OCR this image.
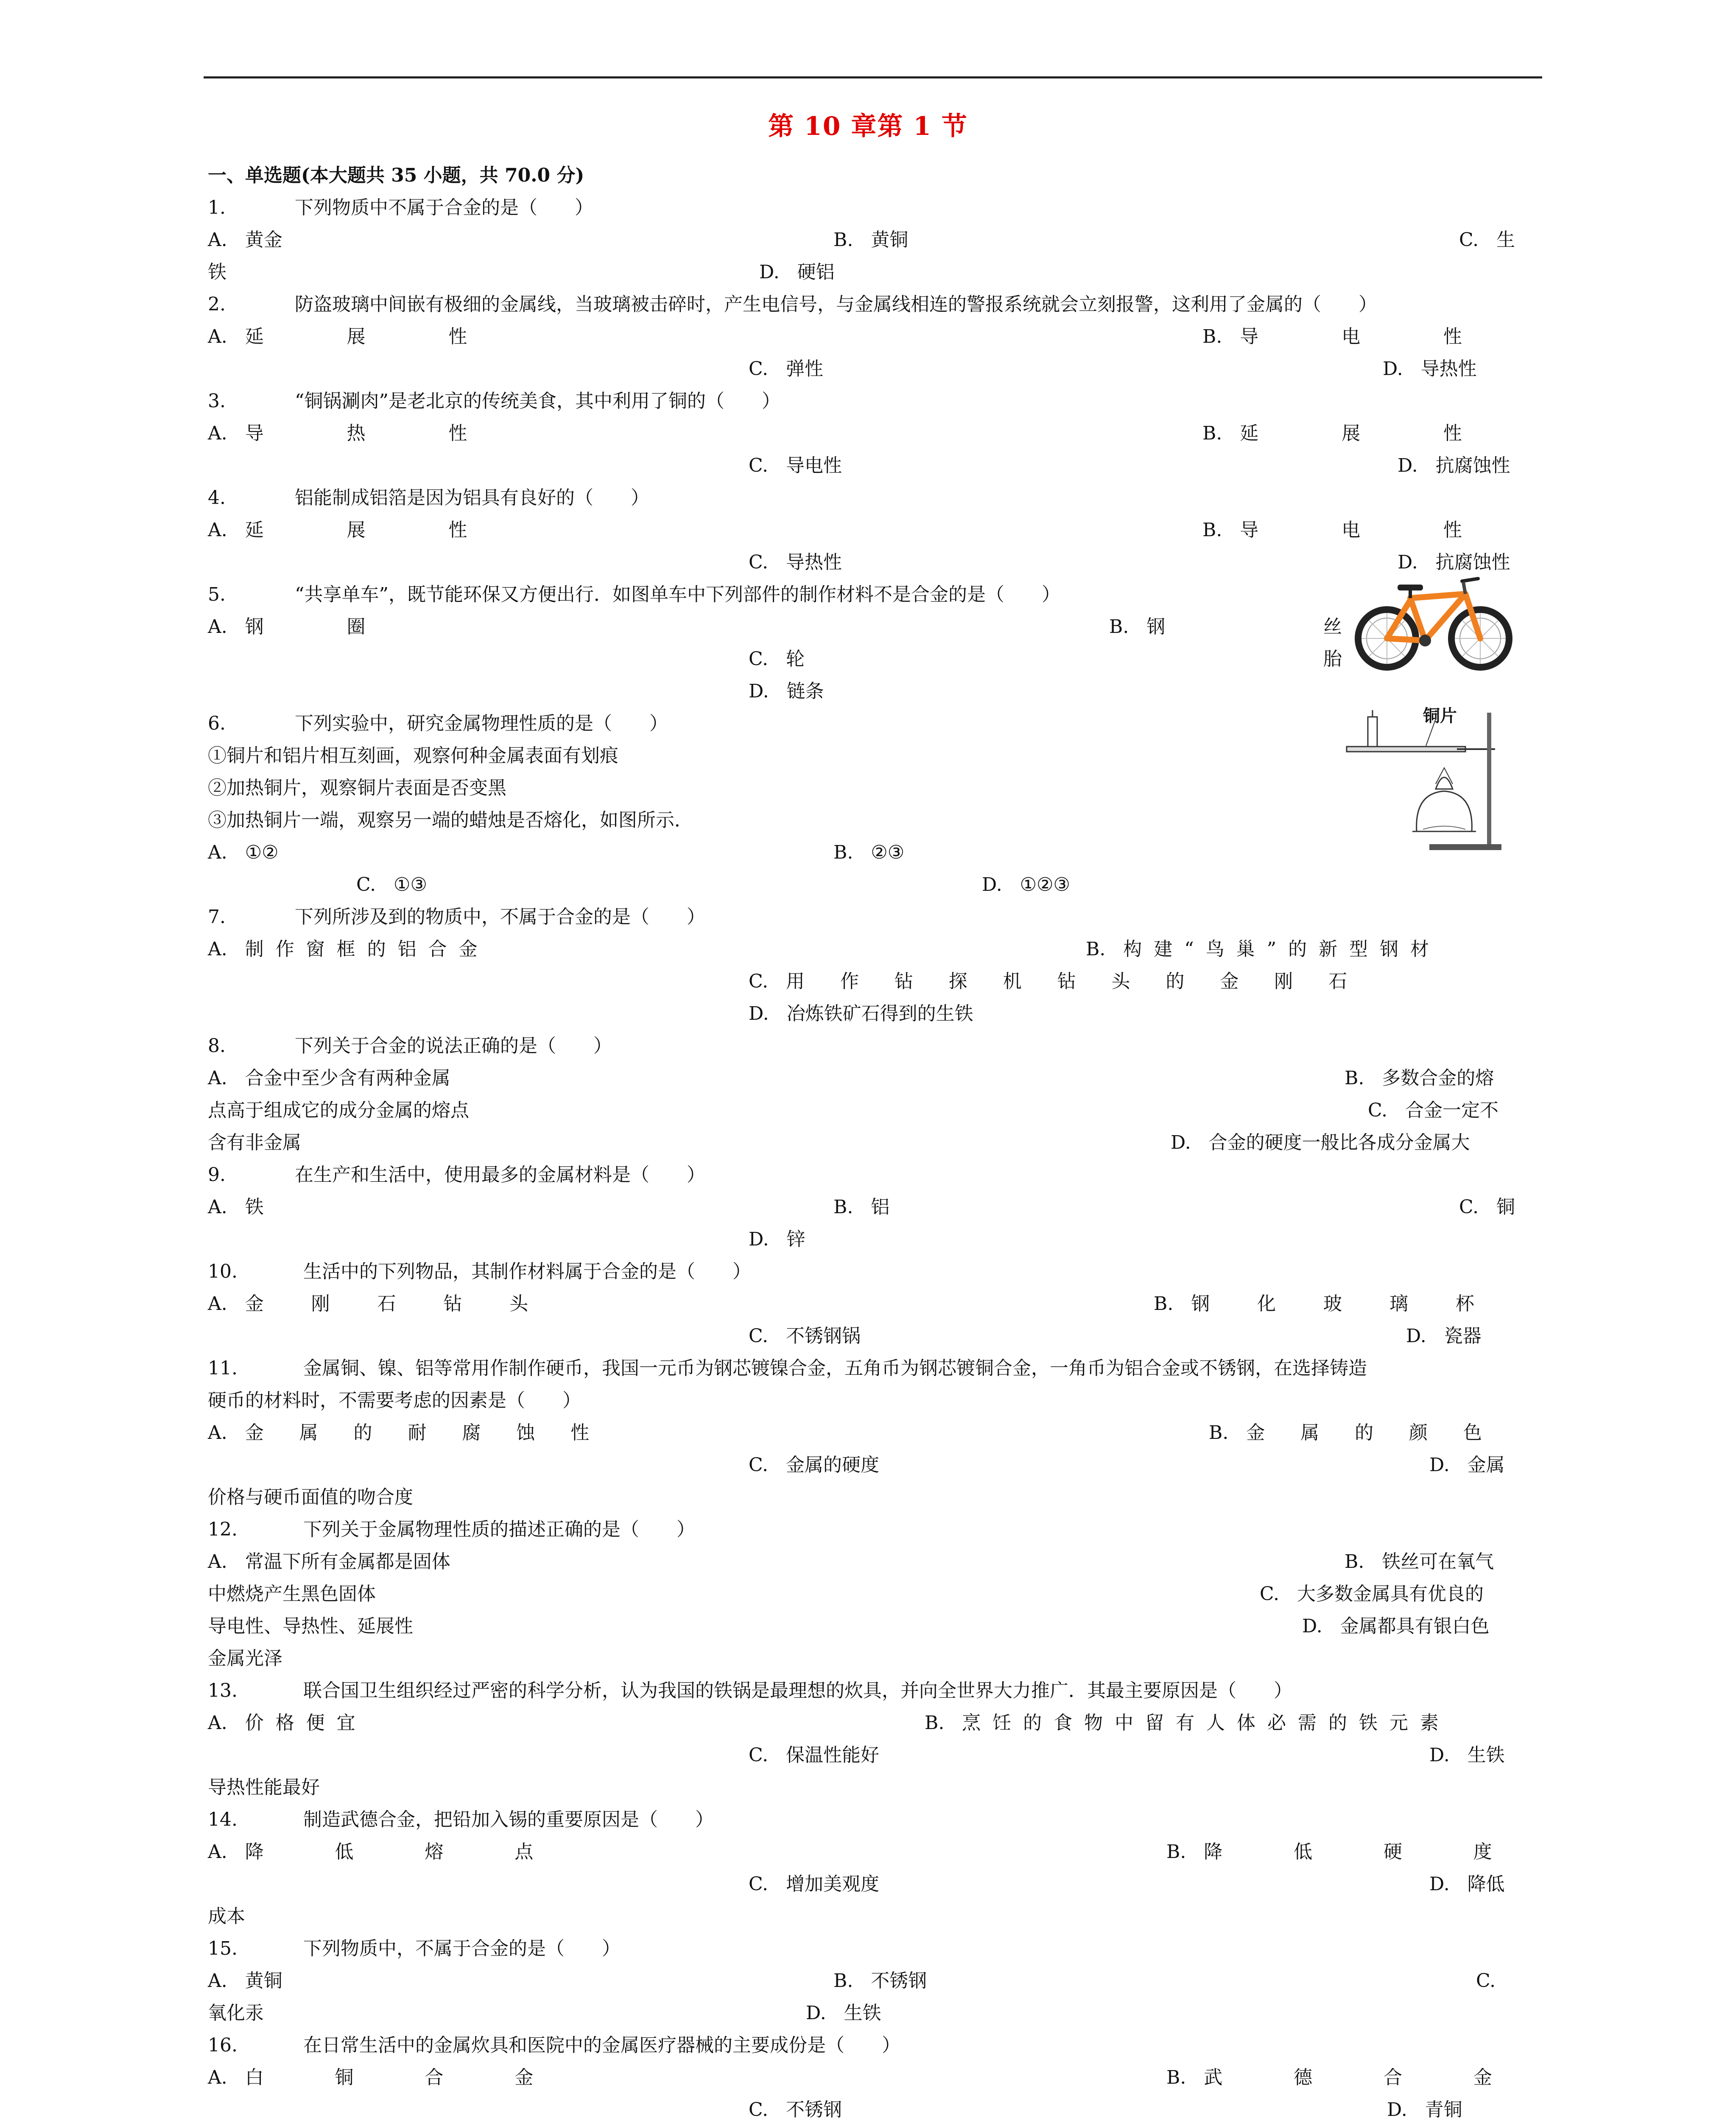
第 10 章第 1 节
一、单选题(本大题共 35 小题，共 70.0 分)
1.	下列物质中不属于合金的是（　　）
A.   黄金	B.   黄铜	C.   生
铁	D.   硬铝
2.	防盗玻璃中间嵌有极细的金属线，当玻璃被击碎时，产生电信号，与金属线相连的警报系统就会立刻报警，这利用了金属的（　　）
A.   延              展              性	B.   导              电              性
C.   弹性	D.   导热性
3.	“铜锅涮肉”是老北京的传统美食，其中利用了铜的（　　）
A.   导              热              性	B.   延              展              性
C.   导电性	D.   抗腐蚀性
4.	铝能制成铝箔是因为铝具有良好的（　　）
A.   延              展              性	B.   导              电              性
C.   导热性	D.   抗腐蚀性
5.	“共享单车”，既节能环保又方便出行．如图单车中下列部件的制作材料不是合金的是（　　）
A.   钢              圈	B.   钢	丝
C.   轮	胎
D.   链条
6.	下列实验中，研究金属物理性质的是（　　）
①铜片和铝片相互刻画，观察何种金属表面有划痕
②加热铜片，观察铜片表面是否变黑
③加热铜片一端，观察另一端的蜡烛是否熔化，如图所示．
A.   ①②	B.   ②③
C.   ①③	D.   ①②③
7.	下列所涉及到的物质中，不属于合金的是（　　）
A.   制  作  窗  框  的  铝  合  金	B.   构  建  “  鸟  巢  ”  的  新  型  钢  材
C.   用      作      钻      探      机      钻      头      的      金      刚      石
D.   冶炼铁矿石得到的生铁
8.	下列关于合金的说法正确的是（　　）
A.   合金中至少含有两种金属	B.   多数合金的熔
点高于组成它的成分金属的熔点	C.   合金一定不
含有非金属	D.   合金的硬度一般比各成分金属大
9.	在生产和生活中，使用最多的金属材料是（　　）
A.   铁	B.   铝	C.   铜
D.   锌
10.	生活中的下列物品，其制作材料属于合金的是（　　）
A.   金        刚        石        钻        头	B.   钢        化        玻        璃        杯
C.   不锈钢锅	D.   瓷器
11.	金属铜、镍、铝等常用作制作硬币，我国一元币为钢芯镀镍合金，五角币为钢芯镀铜合金，一角币为铝合金或不锈钢，在选择铸造
硬币的材料时，不需要考虑的因素是（　　）
A.   金      属      的      耐      腐      蚀      性	B.   金      属      的      颜      色
C.   金属的硬度	D.   金属
价格与硬币面值的吻合度
12.	下列关于金属物理性质的描述正确的是（　　）
A.   常温下所有金属都是固体	B.   铁丝可在氧气
中燃烧产生黑色固体	C.   大多数金属具有优良的
导电性、导热性、延展性	D.   金属都具有银白色
金属光泽
13.	联合国卫生组织经过严密的科学分析，认为我国的铁锅是最理想的炊具，并向全世界大力推广．其最主要原因是（　　）
A.   价  格  便  宜	B.   烹  饪  的  食  物  中  留  有  人  体  必  需  的  铁  元  素
C.   保温性能好	D.   生铁
导热性能最好
14.	制造武德合金，把铅加入锡的重要原因是（　　）
A.   降            低            熔            点	B.   降            低            硬            度
C.   增加美观度	D.   降低
成本
15.	下列物质中，不属于合金的是（　　）
A.   黄铜	B.   不锈钢	C.
氧化汞	D.   生铁
16.	在日常生活中的金属炊具和医院中的金属医疗器械的主要成份是（　　）
A.   白            铜            合            金	B.   武            德            合            金
C.   不锈钢	D.   青铜
铜片
